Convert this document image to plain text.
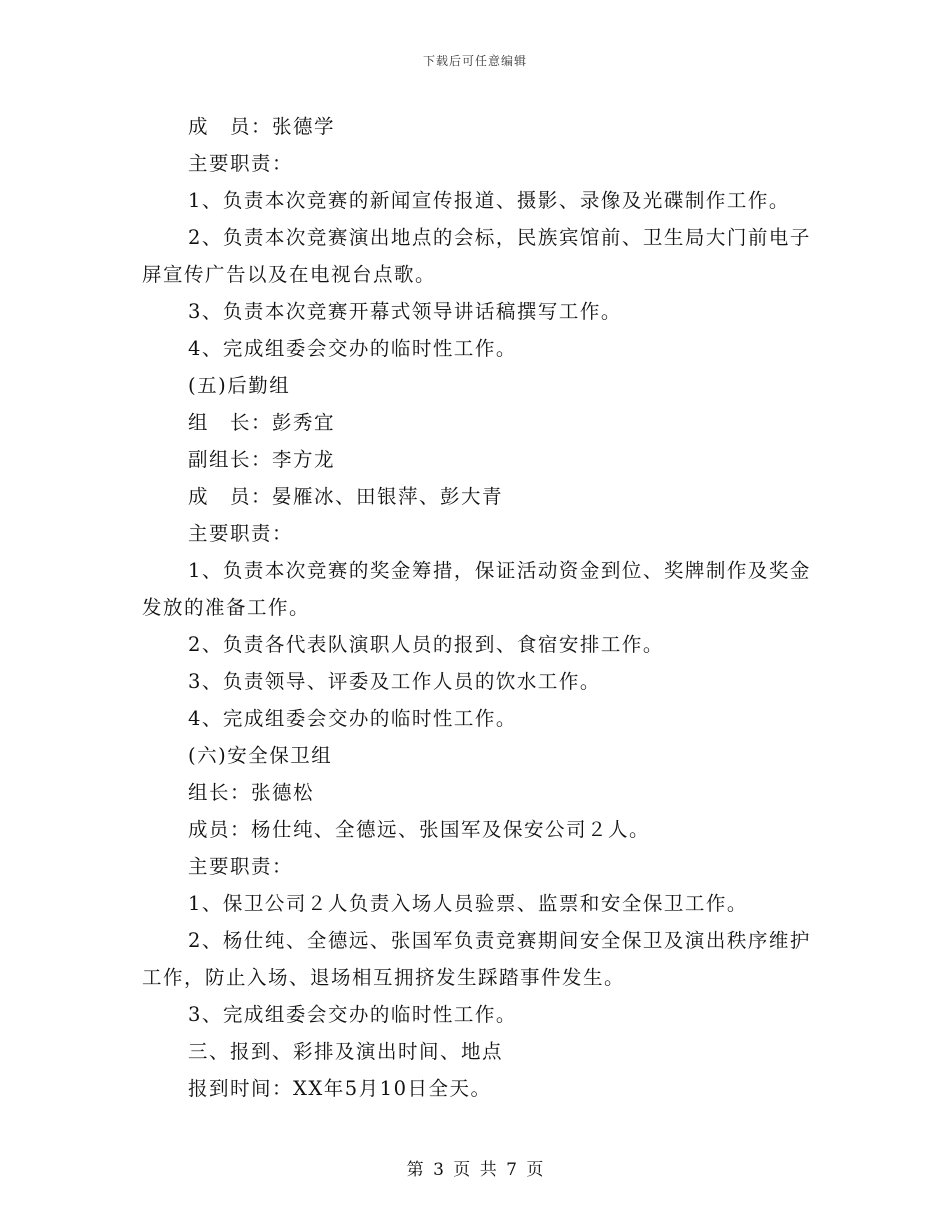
下载后可任意编辑

成　员：张德学

主要职责：

1、负责本次竞赛的新闻宣传报道、摄影、录像及光碟制作工作。

2、负责本次竞赛演出地点的会标，民族宾馆前、卫生局大门前电子屏宣传广告以及在电视台点歌。

3、负责本次竞赛开幕式领导讲话稿撰写工作。

4、完成组委会交办的临时性工作。

(五)后勤组

组　长：彭秀宜

副组长：李方龙

成　员：晏雁冰、田银萍、彭大青

主要职责：

1、负责本次竞赛的奖金筹措，保证活动资金到位、奖牌制作及奖金发放的准备工作。

2、负责各代表队演职人员的报到、食宿安排工作。

3、负责领导、评委及工作人员的饮水工作。

4、完成组委会交办的临时性工作。

(六)安全保卫组

组长：张德松

成员：杨仕纯、全德远、张国军及保安公司２人。

主要职责：

1、保卫公司２人负责入场人员验票、监票和安全保卫工作。

2、杨仕纯、全德远、张国军负责竞赛期间安全保卫及演出秩序维护工作，防止入场、退场相互拥挤发生踩踏事件发生。

3、完成组委会交办的临时性工作。

三、报到、彩排及演出时间、地点

报到时间：XX年5月10日全天。

第 3 页 共 7 页
